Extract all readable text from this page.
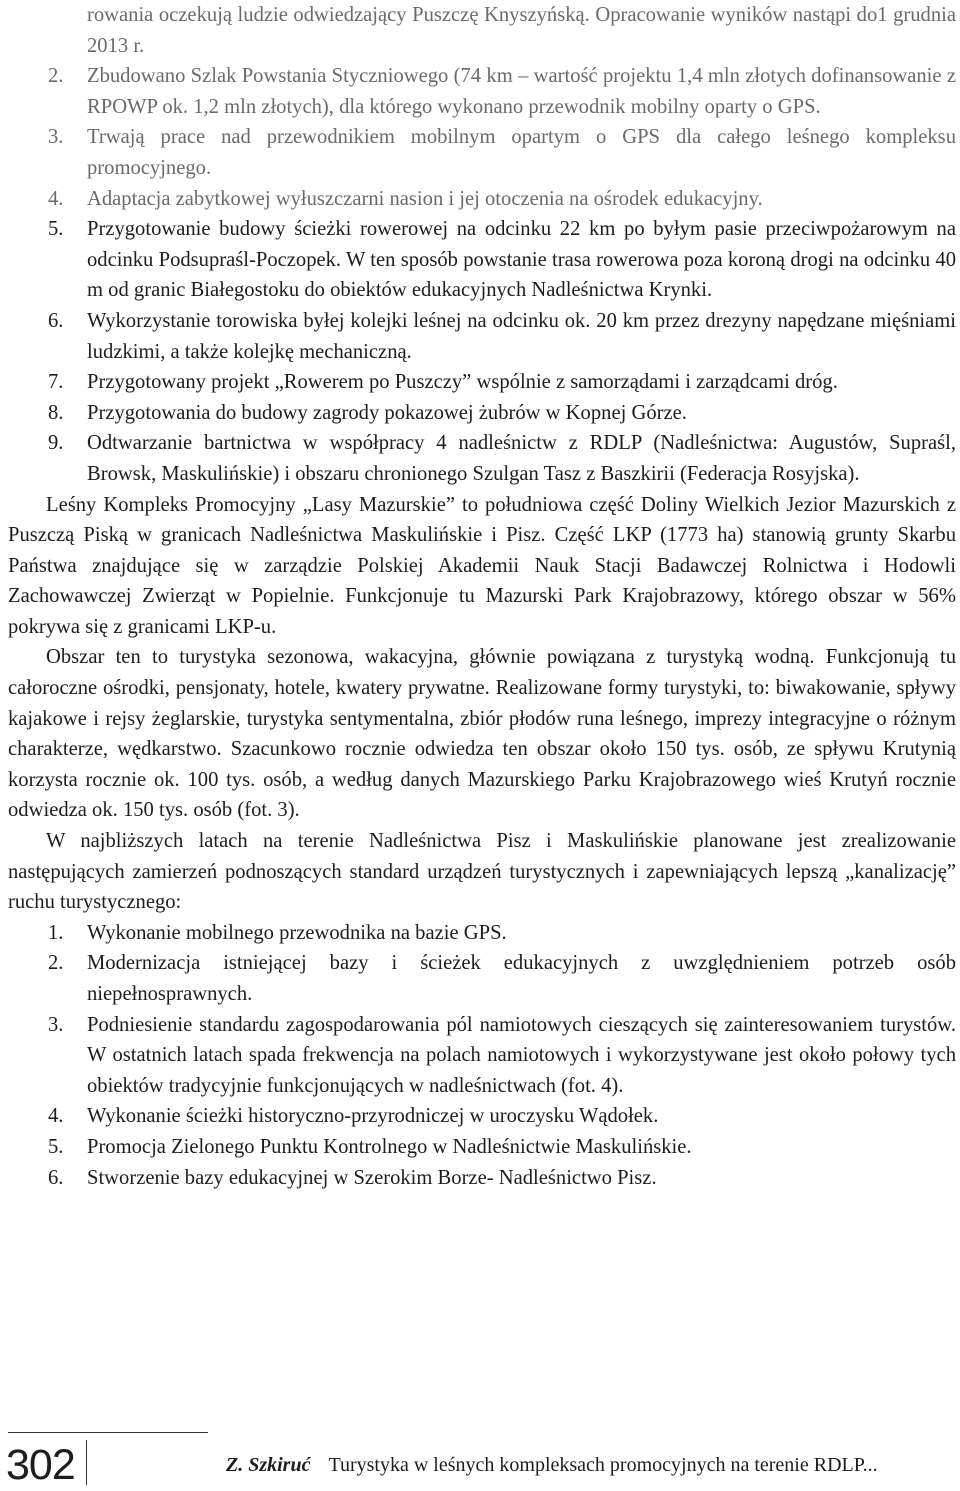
rowania oczekują ludzie odwiedzający Puszczę Knyszyńską. Opracowanie wyników nastąpi do1 grudnia 2013 r.
2. Zbudowano Szlak Powstania Styczniowego (74 km – wartość projektu 1,4 mln złotych dofinansowanie z RPOWP ok. 1,2 mln złotych), dla którego wykonano przewodnik mobilny oparty o GPS.
3. Trwają prace nad przewodnikiem mobilnym opartym o GPS dla całego leśnego kompleksu promocyjnego.
4. Adaptacja zabytkowej wyłuszczarni nasion i jej otoczenia na ośrodek edukacyjny.
5. Przygotowanie budowy ścieżki rowerowej na odcinku 22 km po byłym pasie przeciwpożarowym na odcinku Podsupraśl-Poczopek. W ten sposób powstanie trasa rowerowa poza koroną drogi na odcinku 40 m od granic Białegostoku do obiektów edukacyjnych Nadleśnictwa Krynki.
6. Wykorzystanie torowiska byłej kolejki leśnej na odcinku ok. 20 km przez drezyny napędzane mięśniami ludzkimi, a także kolejkę mechaniczną.
7. Przygotowany projekt „Rowerem po Puszczy” wspólnie z samorządami i zarządcami dróg.
8. Przygotowania do budowy zagrody pokazowej żubrów w Kopnej Górze.
9. Odtwarzanie bartnictwa w współpracy 4 nadleśnictw z RDLP (Nadleśnictwa: Augustów, Supraśl, Browsk, Maskulińskie) i obszaru chronionego Szulgan Tasz z Baszkirii (Federacja Rosyjska).

Leśny Kompleks Promocyjny „Lasy Mazurskie” to południowa część Doliny Wielkich Jezior Mazurskich z Puszczą Piską w granicach Nadleśnictwa Maskulińskie i Pisz. Część LKP (1773 ha) stanowią grunty Skarbu Państwa znajdujące się w zarządzie Polskiej Akademii Nauk Stacji Badawczej Rolnictwa i Hodowli Zachowawczej Zwierząt w Popielnie. Funkcjonuje tu Mazurski Park Krajobrazowy, którego obszar w 56% pokrywa się z granicami LKP-u.

Obszar ten to turystyka sezonowa, wakacyjna, głównie powiązana z turystyką wodną. Funkcjonują tu całoroczne ośrodki, pensjonaty, hotele, kwatery prywatne. Realizowane formy turystyki, to: biwakowanie, spływy kajakowe i rejsy żeglarskie, turystyka sentymentalna, zbiór płodów runa leśnego, imprezy integracyjne o różnym charakterze, wędkarstwo. Szacunkowo rocznie odwiedza ten obszar około 150 tys. osób, ze spływu Krutynią korzysta rocznie ok. 100 tys. osób, a według danych Mazurskiego Parku Krajobrazowego wieś Krutyń rocznie odwiedza ok. 150 tys. osób (fot. 3).

W najbliższych latach na terenie Nadleśnictwa Pisz i Maskulińskie planowane jest zrealizowanie następujących zamierzeń podnoszących standard urządzeń turystycznych i zapewniających lepszą „kanalizację” ruchu turystycznego:

1. Wykonanie mobilnego przewodnika na bazie GPS.
2. Modernizacja istniejącej bazy i ścieżek edukacyjnych z uwzględnieniem potrzeb osób niepełnosprawnych.
3. Podniesienie standardu zagospodarowania pól namiotowych cieszących się zainteresowaniem turystów. W ostatnich latach spada frekwencja na polach namiotowych i wykorzystywane jest około połowy tych obiektów tradycyjnie funkcjonujących w nadleśnictwach (fot. 4).
4. Wykonanie ścieżki historyczno-przyrodniczej w uroczysku Wądołek.
5. Promocja Zielonego Punktu Kontrolnego w Nadleśnictwie Maskulińskie.
6. Stworzenie bazy edukacyjnej w Szerokim Borze- Nadleśnictwo Pisz.
302	Z. Szkiruć Turystyka w leśnych kompleksach promocyjnych na terenie RDLP...
